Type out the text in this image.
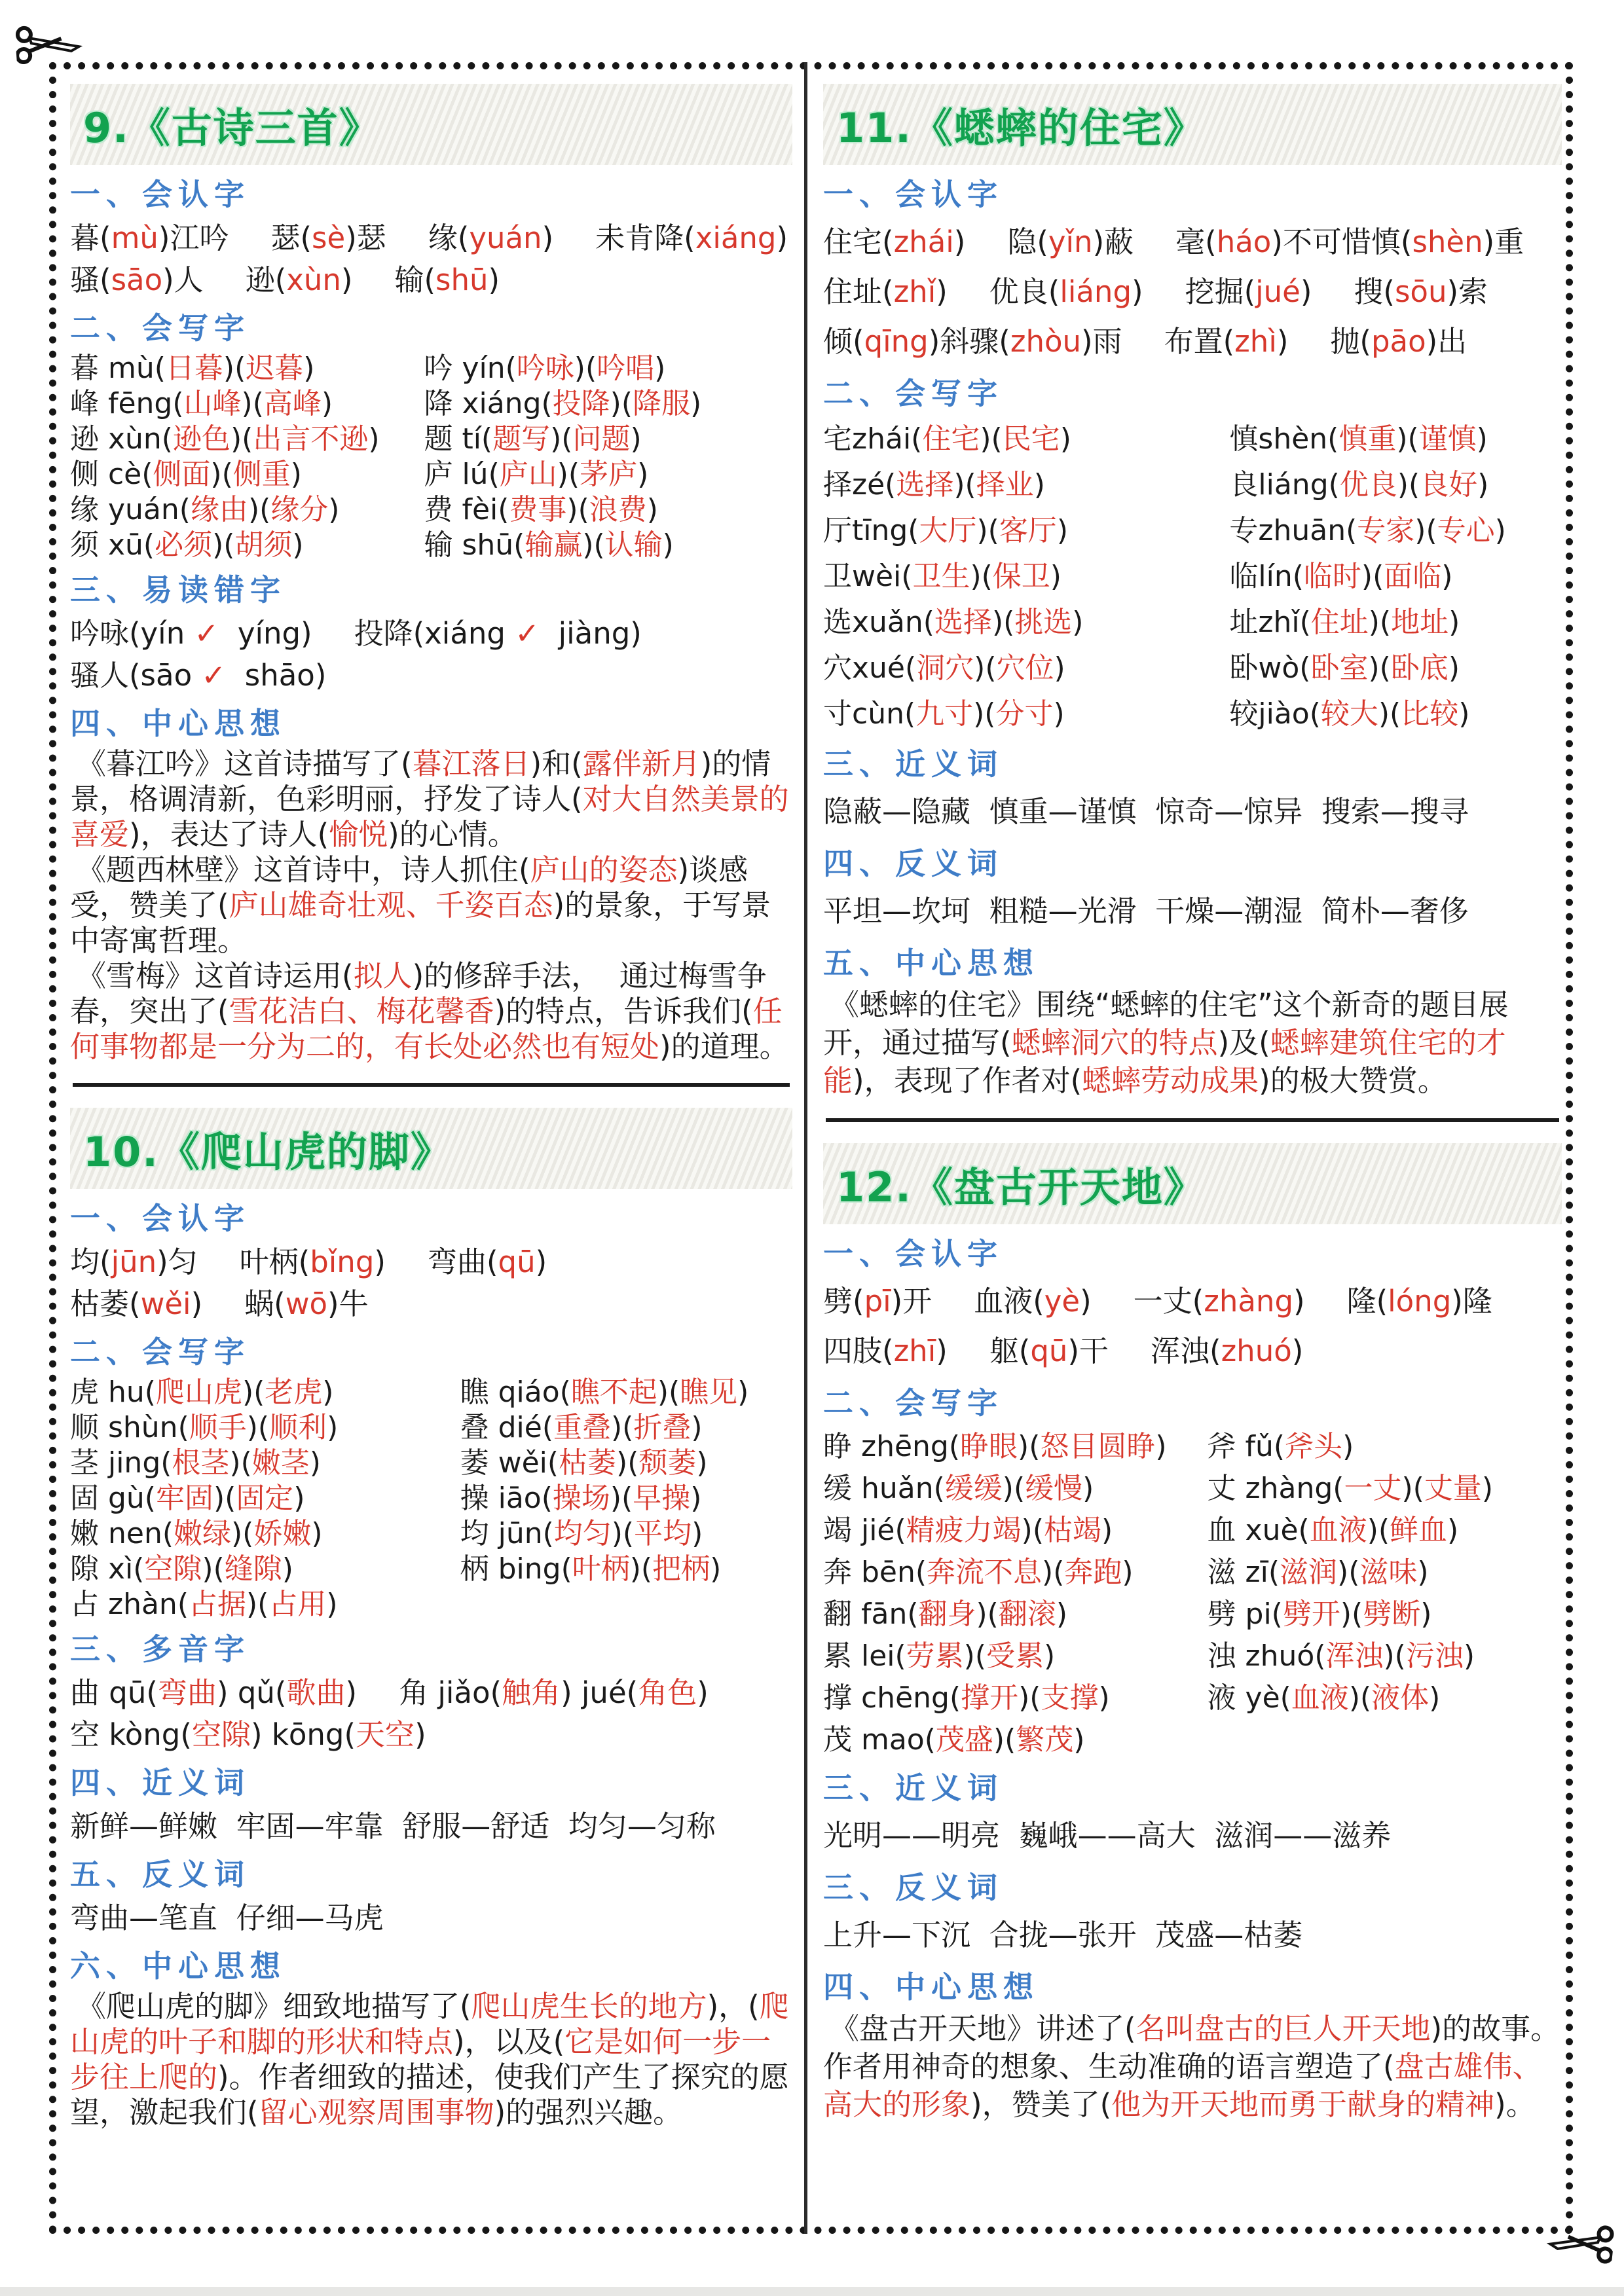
9.《古诗三首》
一、会认字
暮(mù)江吟 瑟(sè)瑟 缘(yuán) 未肯降(xiáng)
骚(sāo)人 逊(xùn) 输(shū)
二、会写字
暮 mù(日暮)(迟暮)	吟 yín(吟咏)(吟唱)
峰 fēng(山峰)(高峰)	降 xiáng(投降)(降服)
逊 xùn(逊色)(出言不逊)	题 tí(题写)(问题)
侧 cè(侧面)(侧重)	庐 lú(庐山)(茅庐)
缘 yuán(缘由)(缘分)	费 fèi(费事)(浪费)
须 xū(必须)(胡须)	输 shū(输赢)(认输)
三、易读错字
吟咏(yín ✓  yíng) 投降(xiáng ✓  jiàng)
骚人(sāo ✓  shāo)
四、中心思想
《暮江吟》这首诗描写了(暮江落日)和(露伴新月)的情景，格调清新，色彩明丽，抒发了诗人(对大自然美景的喜爱)，表达了诗人(愉悦)的心情。
《题西林壁》这首诗中，诗人抓住(庐山的姿态)谈感受，赞美了(庐山雄奇壮观、千姿百态)的景象，于写景中寄寓哲理。
《雪梅》这首诗运用(拟人)的修辞手法，  通过梅雪争春，突出了(雪花洁白、梅花馨香)的特点，告诉我们(任何事物都是一分为二的，有长处必然也有短处)的道理。
10.《爬山虎的脚》
一、会认字
均(jūn)匀 叶柄(bǐng) 弯曲(qū)
枯萎(wěi) 蜗(wō)牛
二、会写字
虎 hu(爬山虎)(老虎)	瞧 qiáo(瞧不起)(瞧见)
顺 shùn(顺手)(顺利)	叠 dié(重叠)(折叠)
茎 jing(根茎)(嫩茎)	萎 wěi(枯萎)(颓萎)
固 gù(牢固)(固定)	操 iāo(操场)(早操)
嫩 nen(嫩绿)(娇嫩)	均 jūn(均匀)(平均)
隙 xì(空隙)(缝隙)	柄 bing(叶柄)(把柄)
占 zhàn(占据)(占用)
三、多音字
曲 qū(弯曲) qǔ(歌曲) 角 jiǎo(触角) jué(角色)
空 kòng(空隙) kōng(天空)
四、近义词
新鲜—鲜嫩  牢固—牢靠  舒服—舒适  均匀—匀称
五、反义词
弯曲—笔直  仔细—马虎
六、中心思想
《爬山虎的脚》细致地描写了(爬山虎生长的地方)，(爬山虎的叶子和脚的形状和特点)，以及(它是如何一步一步往上爬的)。作者细致的描述，使我们产生了探究的愿望，激起我们(留心观察周围事物)的强烈兴趣。
11.《蟋蟀的住宅》
一、会认字
住宅(zhái) 隐(yǐn)蔽 毫(háo)不可惜慎(shèn)重
住址(zhǐ) 优良(liáng) 挖掘(jué) 搜(sōu)索
倾(qīng)斜骤(zhòu)雨 布置(zhì) 抛(pāo)出
二、会写字
宅zhái(住宅)(民宅)	慎shèn(慎重)(谨慎)
择zé(选择)(择业)	良liáng(优良)(良好)
厅tīng(大厅)(客厅)	专zhuān(专家)(专心)
卫wèi(卫生)(保卫)	临lín(临时)(面临)
选xuǎn(选择)(挑选)	址zhǐ(住址)(地址)
穴xué(洞穴)(穴位)	卧wò(卧室)(卧底)
寸cùn(九寸)(分寸)	较jiào(较大)(比较)
三、近义词
隐蔽—隐藏  慎重—谨慎  惊奇—惊异  搜索—搜寻
四、反义词
平坦—坎坷  粗糙—光滑  干燥—潮湿  简朴—奢侈
五、中心思想
《蟋蟀的住宅》围绕“蟋蟀的住宅”这个新奇的题目展开，通过描写(蟋蟀洞穴的特点)及(蟋蟀建筑住宅的才能)，表现了作者对(蟋蟀劳动成果)的极大赞赏。
12.《盘古开天地》
一、会认字
劈(pī)开 血液(yè) 一丈(zhàng) 隆(lóng)隆
四肢(zhī) 躯(qū)干 浑浊(zhuó)
二、会写字
睁 zhēng(睁眼)(怒目圆睁)	斧 fǔ(斧头)
缓 huǎn(缓缓)(缓慢)	丈 zhàng(一丈)(丈量)
竭 jié(精疲力竭)(枯竭)	血 xuè(血液)(鲜血)
奔 bēn(奔流不息)(奔跑)	滋 zī(滋润)(滋味)
翻 fān(翻身)(翻滚)	劈 pi(劈开)(劈断)
累 lei(劳累)(受累)	浊 zhuó(浑浊)(污浊)
撑 chēng(撑开)(支撑)	液 yè(血液)(液体)
茂 mao(茂盛)(繁茂)
三、近义词
光明——明亮  巍峨——高大  滋润——滋养
三、反义词
上升—下沉  合拢—张开  茂盛—枯萎
四、中心思想
《盘古开天地》讲述了(名叫盘古的巨人开天地)的故事。作者用神奇的想象、生动准确的语言塑造了(盘古雄伟、高大的形象)，赞美了(他为开天地而勇于献身的精神)。
